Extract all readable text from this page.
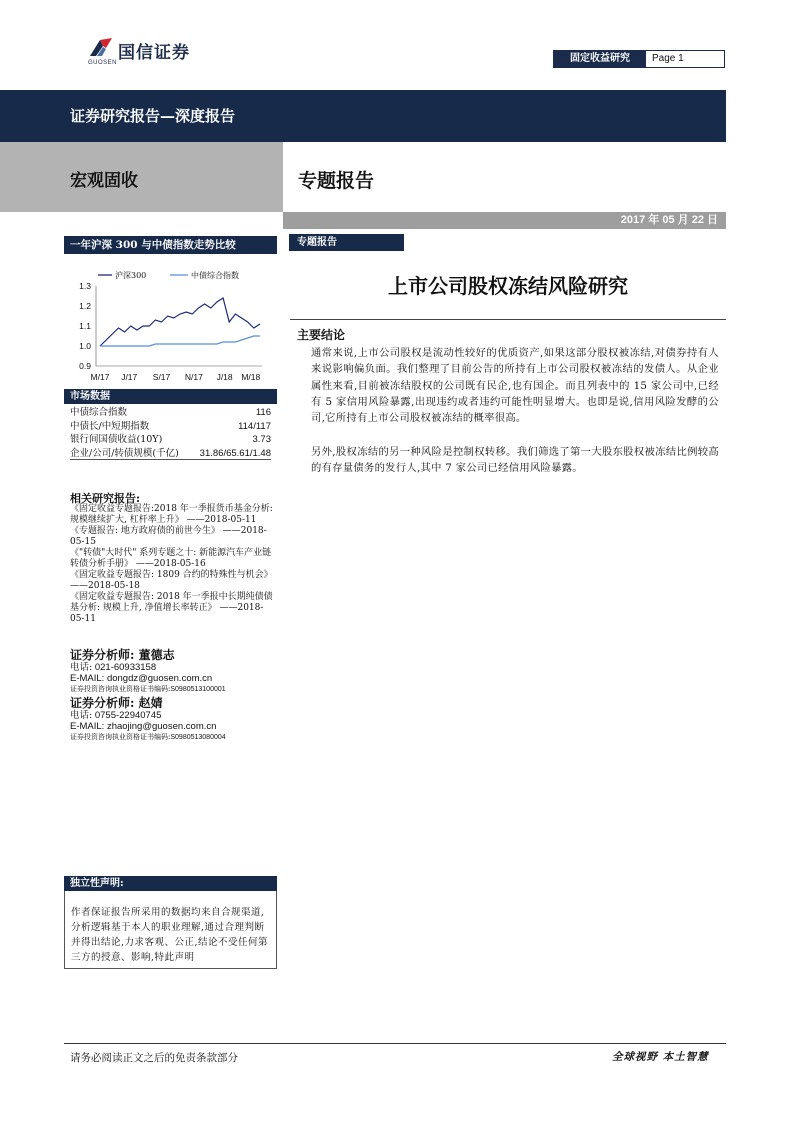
国信证券
GUOSEN	固定收益研究	Page 1
证券研究报告—深度报告
宏观固收	专题报告
2017 年 05 月 22 日
一年沪深 300 与中债指数走势比较
沪深300	中债综合指数
0.9
1.0
1.1
1.2
1.3
M/17 J/17 S/17 N/17 J/18 M/18
市场数据
中债综合指数	116
中债长/中短期指数	114/117
银行间国债收益(10Y)	3.73
企业/公司/转债规模(千亿) 31.86/65.61/1.48
相关研究报告:
《固定收益专题报告:2018 年一季报货币基金分析: 规模继续扩大, 杠杆率上升》 ——2018-05-11
《专题报告: 地方政府债的前世今生》 ——2018-05-15
《"转债"大时代" 系列专题之十: 新能源汽车产业链转债分析手册》 ——2018-05-16
《固定收益专题报告: 1809 合约的特殊性与机会》 ——2018-05-18
《固定收益专题报告: 2018 年一季报中长期纯债债基分析: 规模上升, 净值增长率转正》 ——2018-05-11
证券分析师: 董德志
电话: 021-60933158
E-MAIL: dongdz@guosen.com.cn
证券投资咨询执业资格证书编码:S0980513100001
证券分析师: 赵婧
电话: 0755-22940745
E-MAIL: zhaojing@guosen.com.cn
证券投资咨询执业资格证书编码:S0980513080004
独立性声明:
作者保证报告所采用的数据均来自合规渠道,分析逻辑基于本人的职业理解,通过合理判断并得出结论,力求客观、公正,结论不受任何第三方的授意、影响,特此声明
专题报告
上市公司股权冻结风险研究
主要结论
通常来说,上市公司股权是流动性较好的优质资产,如果这部分股权被冻结,对债券持有人来说影响偏负面。我们整理了目前公告的所持有上市公司股权被冻结的发债人。从企业属性来看,目前被冻结股权的公司既有民企,也有国企。而且列表中的 15 家公司中,已经有 5 家信用风险暴露,出现违约或者违约可能性明显增大。也即是说,信用风险发酵的公司,它所持有上市公司股权被冻结的概率很高。
另外,股权冻结的另一种风险是控制权转移。我们筛选了第一大股东股权被冻结比例较高的有存量债务的发行人,其中 7 家公司已经信用风险暴露。
请务必阅读正文之后的免责条款部分	全球视野 本土智慧
